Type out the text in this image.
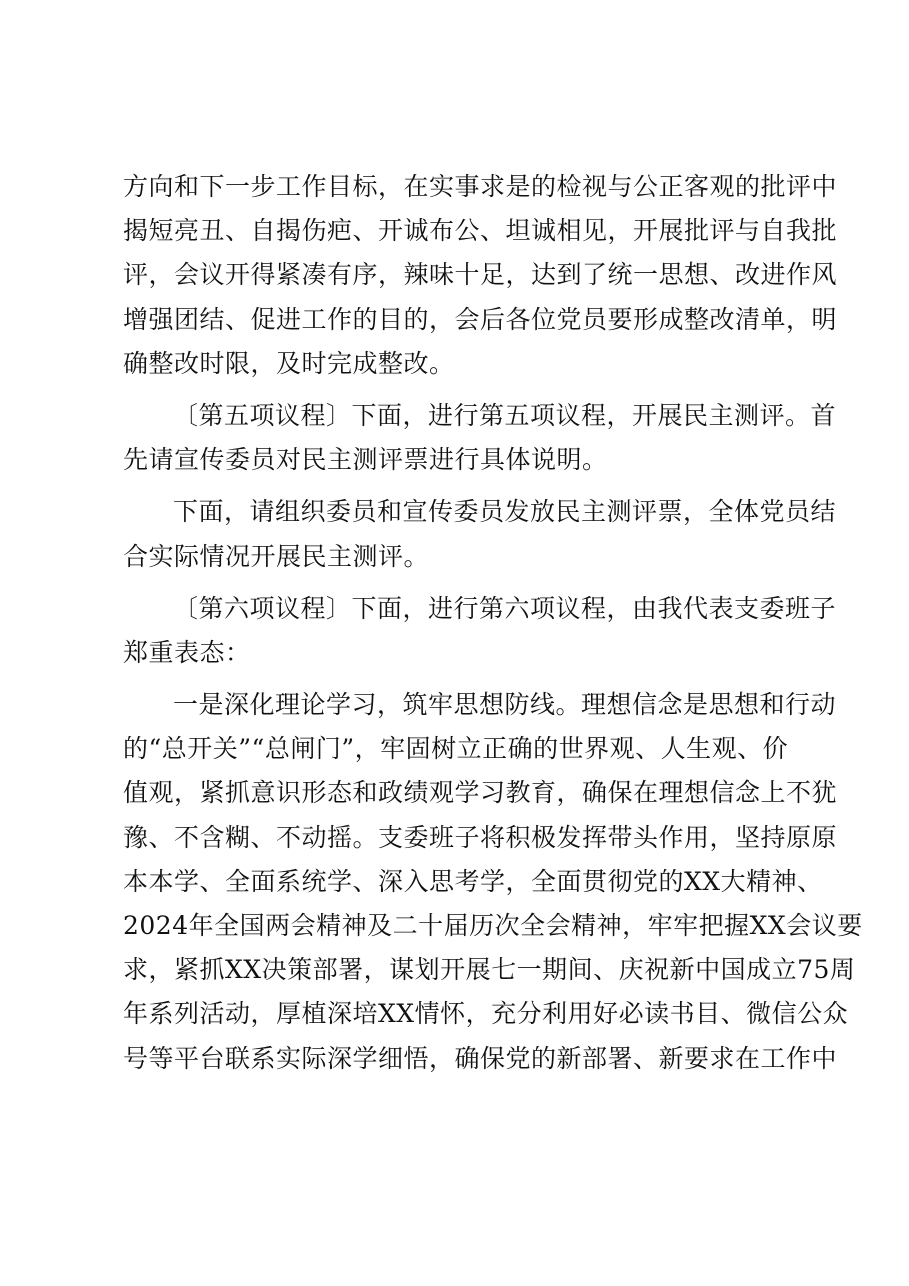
方向和下一步工作目标，在实事求是的检视与公正客观的批评中
揭短亮丑、自揭伤疤、开诚布公、坦诚相见，开展批评与自我批
评，会议开得紧凑有序，辣味十足，达到了统一思想、改进作风
增强团结、促进工作的目的，会后各位党员要形成整改清单，明
确整改时限，及时完成整改。
〔第五项议程〕下面，进行第五项议程，开展民主测评。首
先请宣传委员对民主测评票进行具体说明。
下面，请组织委员和宣传委员发放民主测评票，全体党员结
合实际情况开展民主测评。
〔第六项议程〕下面，进行第六项议程，由我代表支委班子
郑重表态：
一是深化理论学习，筑牢思想防线。理想信念是思想和行动
的“总开关”“总闸门”，牢固树立正确的世界观、人生观、价
值观，紧抓意识形态和政绩观学习教育，确保在理想信念上不犹
豫、不含糊、不动摇。支委班子将积极发挥带头作用，坚持原原
本本学、全面系统学、深入思考学，全面贯彻党的XX大精神、
2024年全国两会精神及二十届历次全会精神，牢牢把握XX会议要
求，紧抓XX决策部署，谋划开展七一期间、庆祝新中国成立75周
年系列活动，厚植深培XX情怀，充分利用好必读书目、微信公众
号等平台联系实际深学细悟，确保党的新部署、新要求在工作中
